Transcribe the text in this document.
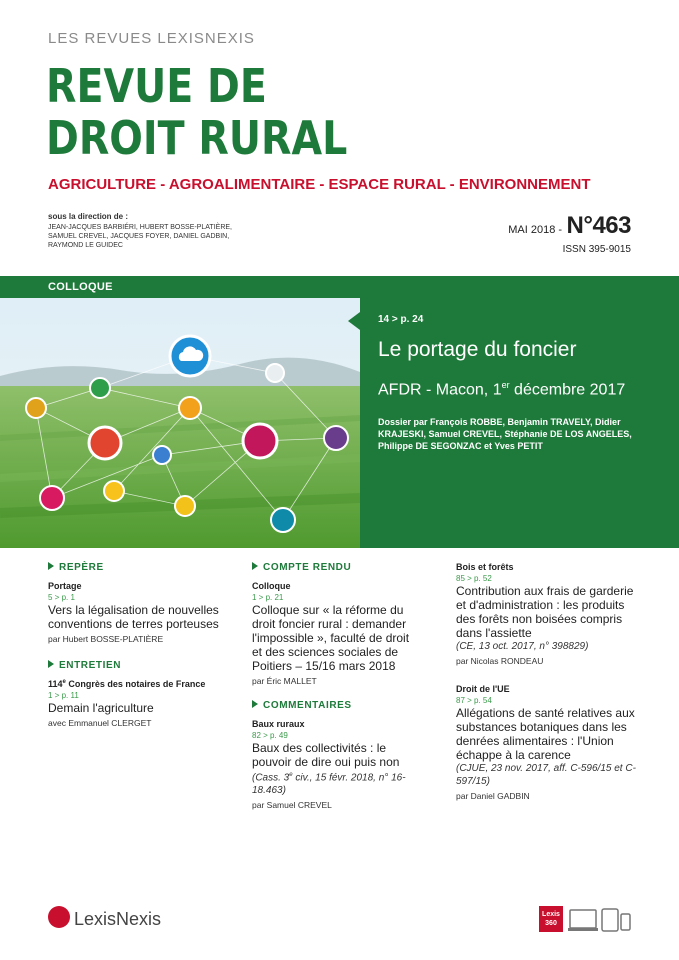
LES REVUES LEXISNEXIS
REVUE DE
DROIT RURAL
AGRICULTURE - AGROALIMENTAIRE - ESPACE RURAL - ENVIRONNEMENT
sous la direction de :
JEAN-JACQUES BARBIÉRI, HUBERT BOSSE-PLATIÈRE,
SAMUEL CREVEL, JACQUES FOYER, DANIEL GADBIN,
RAYMOND LE GUIDEC
MAI 2018 - N°463
ISSN 395-9015
COLLOQUE
14 > p. 24
Le portage du foncier
AFDR - Macon, 1er décembre 2017
Dossier par François ROBBE, Benjamin TRAVELY, Didier KRAJESKI, Samuel CREVEL, Stéphanie DE LOS ANGELES, Philippe DE SEGONZAC et Yves PETIT
REPÈRE
Portage
5 > p. 1
Vers la légalisation de nouvelles conventions de terres porteuses
par Hubert BOSSE-PLATIÈRE
ENTRETIEN
114e Congrès des notaires de France
1 > p. 11
Demain l'agriculture
avec Emmanuel CLERGET
COMPTE RENDU
Colloque
1 > p. 21
Colloque sur « la réforme du droit foncier rural : demander l'impossible », faculté de droit et des sciences sociales de Poitiers – 15/16 mars 2018
par Éric MALLET
COMMENTAIRES
Baux ruraux
82 > p. 49
Baux des collectivités : le pouvoir de dire oui puis non
(Cass. 3e civ., 15 févr. 2018, n° 16-18.463)
par Samuel CREVEL
Bois et forêts
85 > p. 52
Contribution aux frais de garderie et d'administration : les produits des forêts non boisées compris dans l'assiette
(CE, 13 oct. 2017, n° 398829)
par Nicolas RONDEAU
Droit de l'UE
87 > p. 54
Allégations de santé relatives aux substances botaniques dans les denrées alimentaires : l'Union échappe à la carence
(CJUE, 23 nov. 2017, aff. C-596/15 et C-597/15)
par Daniel GADBIN
LexisNexis	Lexis
360
